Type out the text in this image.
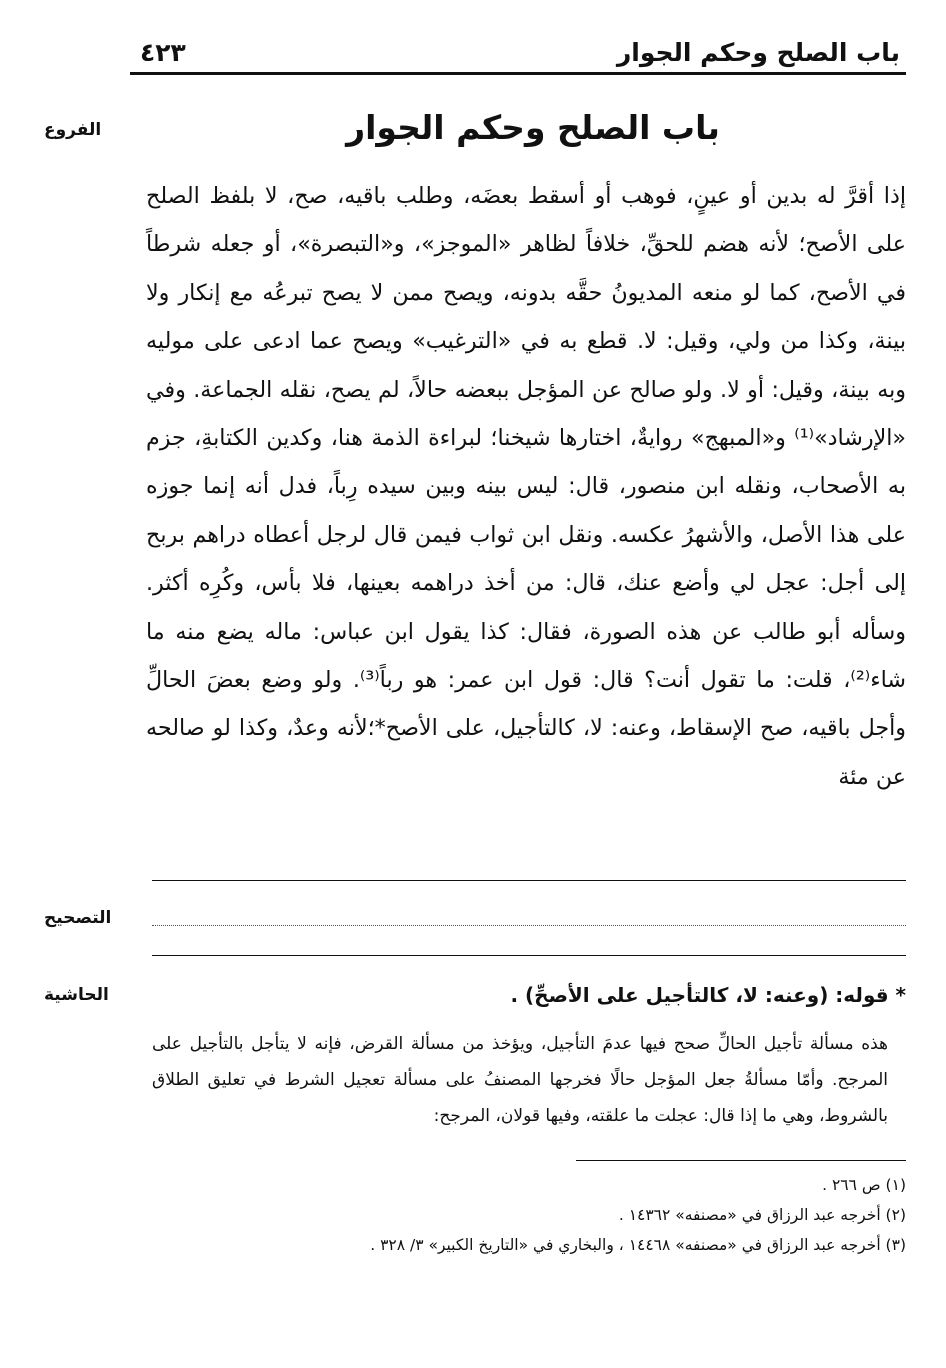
باب الصلح وحكم الجوار
٤٢٣
الفروع	باب الصلح وحكم الجوار

إذا أقرَّ له بدين أو عينٍ، فوهب أو أسقط بعضَه، وطلب باقيه، صح، لا بلفظ الصلح على الأصح؛ لأنه هضم للحقِّ، خلافاً لظاهر «الموجز»، و«التبصرة»، أو جعله شرطاً في الأصح، كما لو منعه المديونُ حقَّه بدونه، ويصح ممن لا يصح تبرعُه مع إنكار ولا بينة، وكذا من ولي، وقيل: لا. قطع به في «الترغيب» ويصح عما ادعى على موليه وبه بينة، وقيل: أو لا. ولو صالح عن المؤجل ببعضه حالاً، لم يصح، نقله الجماعة. وفي «الإرشاد»⁽¹⁾ و«المبهج» روايةٌ، اختارها شيخنا؛ لبراءة الذمة هنا، وكدين الكتابةِ، جزم به الأصحاب، ونقله ابن منصور، قال: ليس بينه وبين سيده رِباً، فدل أنه إنما جوزه على هذا الأصل، والأشهرُ عكسه. ونقل ابن ثواب فيمن قال لرجل أعطاه دراهم بربح إلى أجل: عجل لي وأضع عنك، قال: من أخذ دراهمه بعينها، فلا بأس، وكُرِه أكثر. وسأله أبو طالب عن هذه الصورة، فقال: كذا يقول ابن عباس: ماله يضع منه ما شاء⁽²⁾، قلت: ما تقول أنت؟ قال: قول ابن عمر: هو رباً⁽³⁾. ولو وضع بعضَ الحالِّ وأجل باقيه، صح الإسقاط، وعنه: لا، كالتأجيل، على الأصح*؛لأنه وعدٌ، وكذا لو صالحه عن مئة

التصحيح
الحاشية	* قوله: (وعنه: لا، كالتأجيل على الأصحِّ) .

هذه مسألة تأجيل الحالِّ صحح فيها عدمَ التأجيل، ويؤخذ من مسألة القرض، فإنه لا يتأجل بالتأجيل على المرجح. وأمّا مسألةُ جعل المؤجل حالًا فخرجها المصنفُ على مسألة تعجيل الشرط في تعليق الطلاق بالشروط، وهي ما إذا قال: عجلت ما علقته، وفيها قولان، المرجح:

(١) ص ٢٦٦ .
(٢) أخرجه عبد الرزاق في «مصنفه» ١٤٣٦٢ .
(٣) أخرجه عبد الرزاق في «مصنفه» ١٤٤٦٨ ، والبخاري في «التاريخ الكبير» ٣/ ٣٢٨ .
